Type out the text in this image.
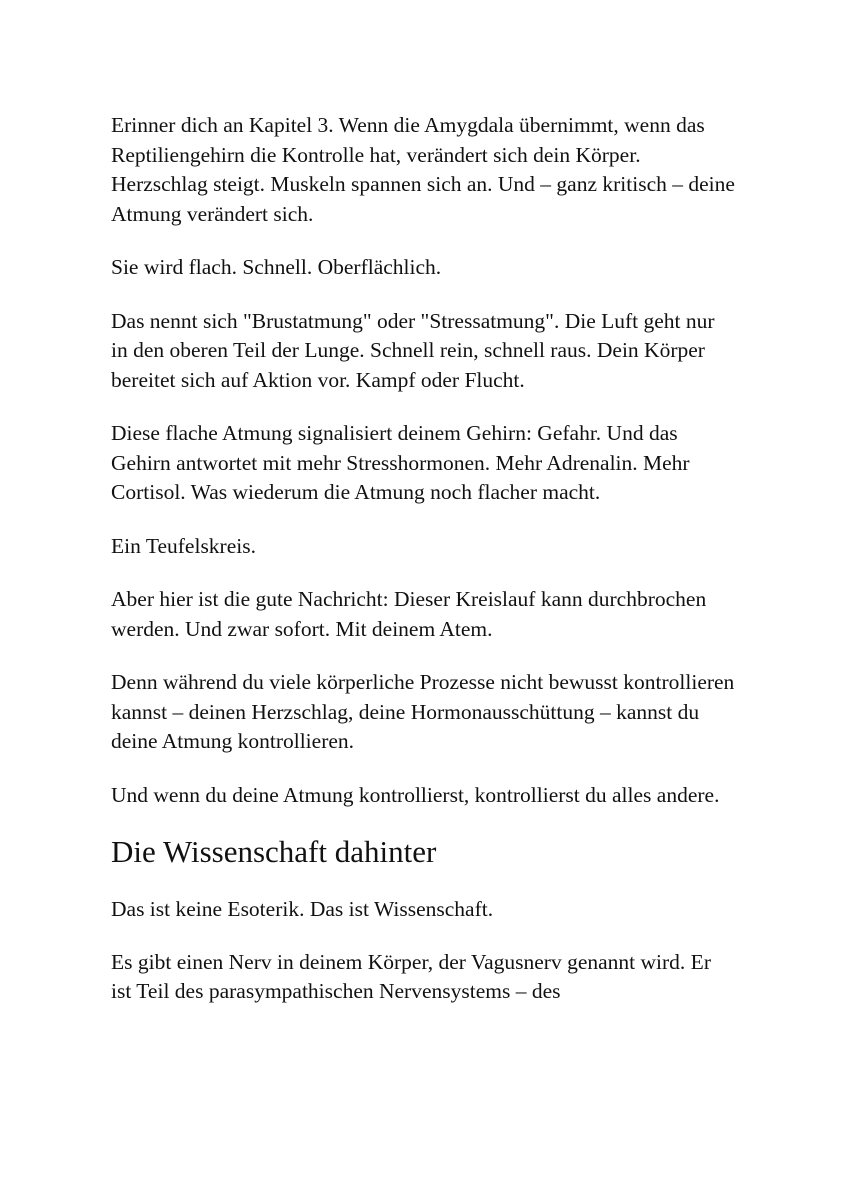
Erinner dich an Kapitel 3. Wenn die Amygdala übernimmt, wenn das Reptiliengehirn die Kontrolle hat, verändert sich dein Körper. Herzschlag steigt. Muskeln spannen sich an. Und – ganz kritisch – deine Atmung verändert sich.

Sie wird flach. Schnell. Oberflächlich.

Das nennt sich "Brustatmung" oder "Stressatmung". Die Luft geht nur in den oberen Teil der Lunge. Schnell rein, schnell raus. Dein Körper bereitet sich auf Aktion vor. Kampf oder Flucht.

Diese flache Atmung signalisiert deinem Gehirn: Gefahr. Und das Gehirn antwortet mit mehr Stresshormonen. Mehr Adrenalin. Mehr Cortisol. Was wiederum die Atmung noch flacher macht.

Ein Teufelskreis.

Aber hier ist die gute Nachricht: Dieser Kreislauf kann durchbrochen werden. Und zwar sofort. Mit deinem Atem.

Denn während du viele körperliche Prozesse nicht bewusst kontrollieren kannst – deinen Herzschlag, deine Hormonausschüttung – kannst du deine Atmung kontrollieren.

Und wenn du deine Atmung kontrollierst, kontrollierst du alles andere.

Die Wissenschaft dahinter

Das ist keine Esoterik. Das ist Wissenschaft.

Es gibt einen Nerv in deinem Körper, der Vagusnerv genannt wird. Er ist Teil des parasympathischen Nervensystems – des
